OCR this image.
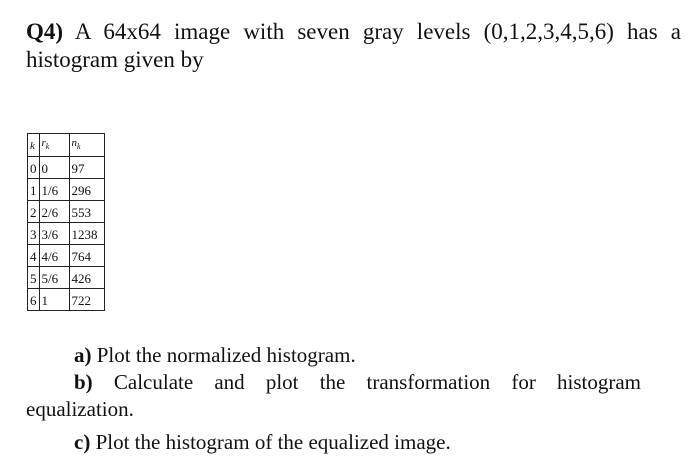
Q4) A 64x64 image with seven gray levels (0,1,2,3,4,5,6) has a histogram given by
k	$r_k$	$n_k$
0	0	97
1	1/6	296
2	2/6	553
3	3/6	1238
4	4/6	764
5	5/6	426
6	1	722

a) Plot the normalized histogram.

b) Calculate and plot the transformation for histogram

equalization.

c) Plot the histogram of the equalized image.
